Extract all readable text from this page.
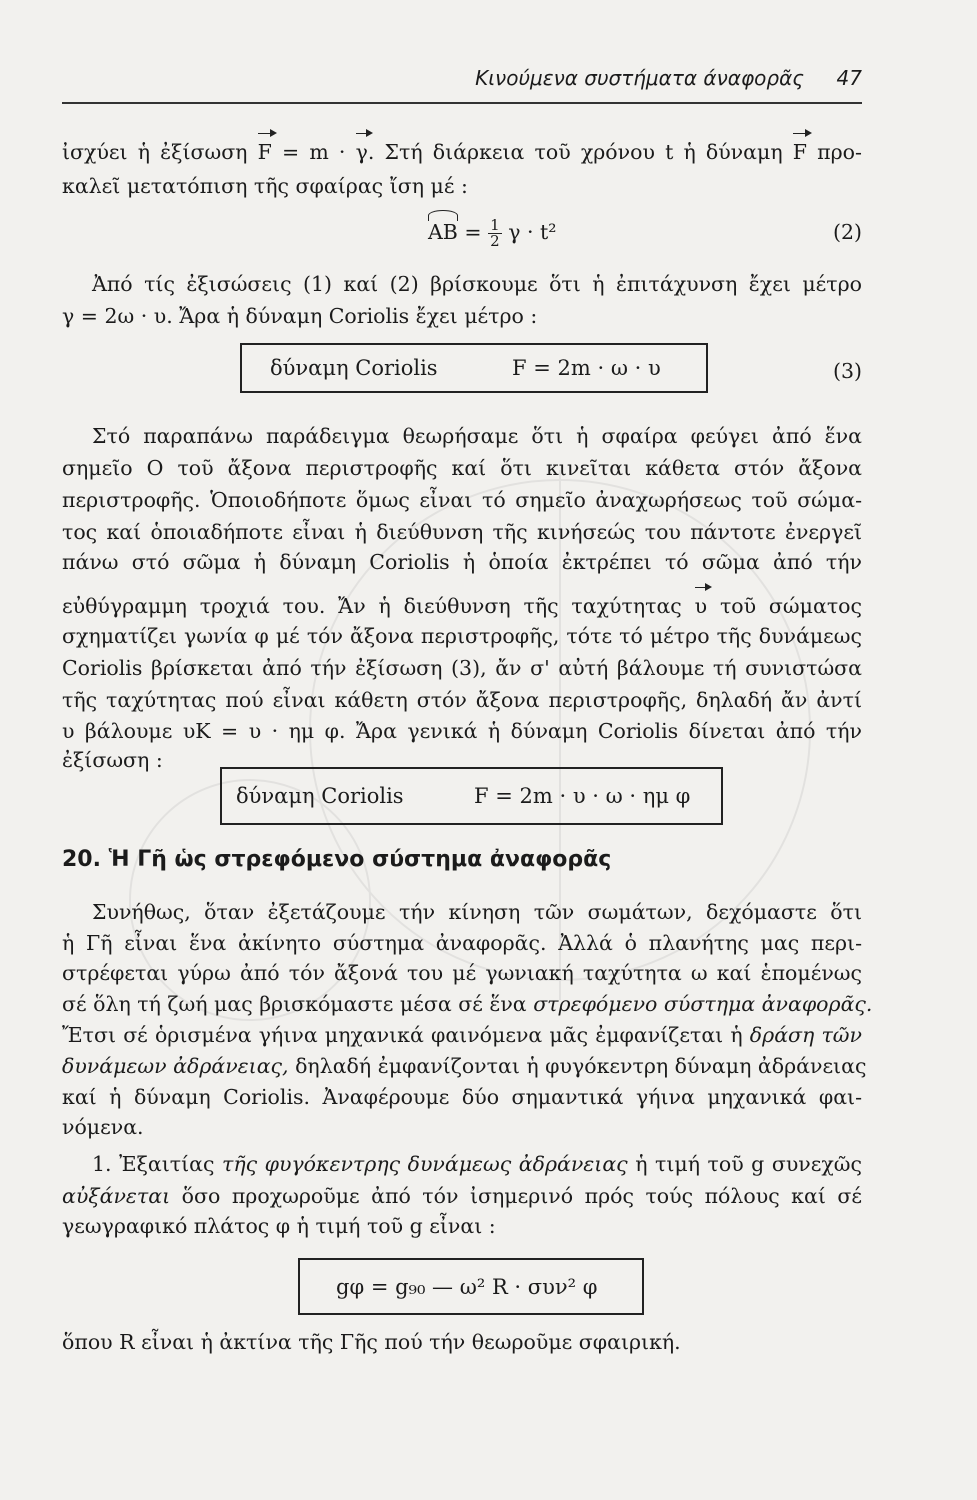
Κινούμενα συστήματα άναφορᾶς 47
ἰσχύει ἡ ἐξίσωση F = m · γ. Στή διάρκεια τοῦ χρόνου t ἡ δύναμη F προ-
καλεῖ μετατόπιση τῆς σφαίρας ἴση μέ :
AB = $\frac{1}{2}$ γ · t²	(2)
Ἀπό τίς ἐξισώσεις (1) καί (2) βρίσκουμε ὅτι ἡ ἐπιτάχυνση ἔχει μέτρο
γ = 2ω · υ. Ἄρα ἡ δύναμη Coriolis ἔχει μέτρο :
δύναμη Coriolis	F = 2m · ω · υ	(3)
Στό παραπάνω παράδειγμα θεωρήσαμε ὅτι ἡ σφαίρα φεύγει ἀπό ἕνα
σημεῖο Ο τοῦ ἄξονα περιστροφῆς καί ὅτι κινεῖται κάθετα στόν ἄξονα
περιστροφῆς. Ὁποιοδήποτε ὅμως εἶναι τό σημεῖο ἀναχωρήσεως τοῦ σώμα-
τος καί ὁποιαδήποτε εἶναι ἡ διεύθυνση τῆς κινήσεώς του πάντοτε ἐνεργεῖ
πάνω στό σῶμα ἡ δύναμη Coriolis ἡ ὁποία ἐκτρέπει τό σῶμα ἀπό τήν
εὐθύγραμμη τροχιά του. Ἄν ἡ διεύθυνση τῆς ταχύτητας υ τοῦ σώματος
σχηματίζει γωνία φ μέ τόν ἄξονα περιστροφῆς, τότε τό μέτρο τῆς δυνάμεως
Coriolis βρίσκεται ἀπό τήν ἐξίσωση (3), ἄν σ' αὐτή βάλουμε τή συνιστώσα
τῆς ταχύτητας πού εἶναι κάθετη στόν ἄξονα περιστροφῆς, δηλαδή ἄν ἀντί
υ βάλουμε υK = υ · ημ φ. Ἄρα γενικά ἡ δύναμη Coriolis δίνεται ἀπό τήν
ἐξίσωση :
δύναμη Coriolis	F = 2m · υ · ω · ημ φ
20. Ἡ Γῆ ὡς στρεφόμενο σύστημα ἀναφορᾶς
Συνήθως, ὅταν ἐξετάζουμε τήν κίνηση τῶν σωμάτων, δεχόμαστε ὅτι
ἡ Γῆ εἶναι ἕνα ἀκίνητο σύστημα ἀναφορᾶς. Ἀλλά ὁ πλανήτης μας περι-
στρέφεται γύρω ἀπό τόν ἄξονά του μέ γωνιακή ταχύτητα ω καί ἑπομένως
σέ ὅλη τή ζωή μας βρισκόμαστε μέσα σέ ἕνα στρεφόμενο σύστημα ἀναφορᾶς.
Ἔτσι σέ ὁρισμένα γήινα μηχανικά φαινόμενα μᾶς ἐμφανίζεται ἡ δράση τῶν
δυνάμεων ἀδράνειας, δηλαδή ἐμφανίζονται ἡ φυγόκεντρη δύναμη ἀδράνειας
καί ἡ δύναμη Coriolis. Ἀναφέρουμε δύο σημαντικά γήινα μηχανικά φαι-
νόμενα.
1. Ἐξαιτίας τῆς φυγόκεντρης δυνάμεως ἀδράνειας ἡ τιμή τοῦ g συνεχῶς
αὐξάνεται ὅσο προχωροῦμε ἀπό τόν ἰσημερινό πρός τούς πόλους καί σέ
γεωγραφικό πλάτος φ ἡ τιμή τοῦ g εἶναι :
gφ = g₉₀ — ω² R · συν² φ
ὅπου R εἶναι ἡ ἀκτίνα τῆς Γῆς πού τήν θεωροῦμε σφαιρική.
